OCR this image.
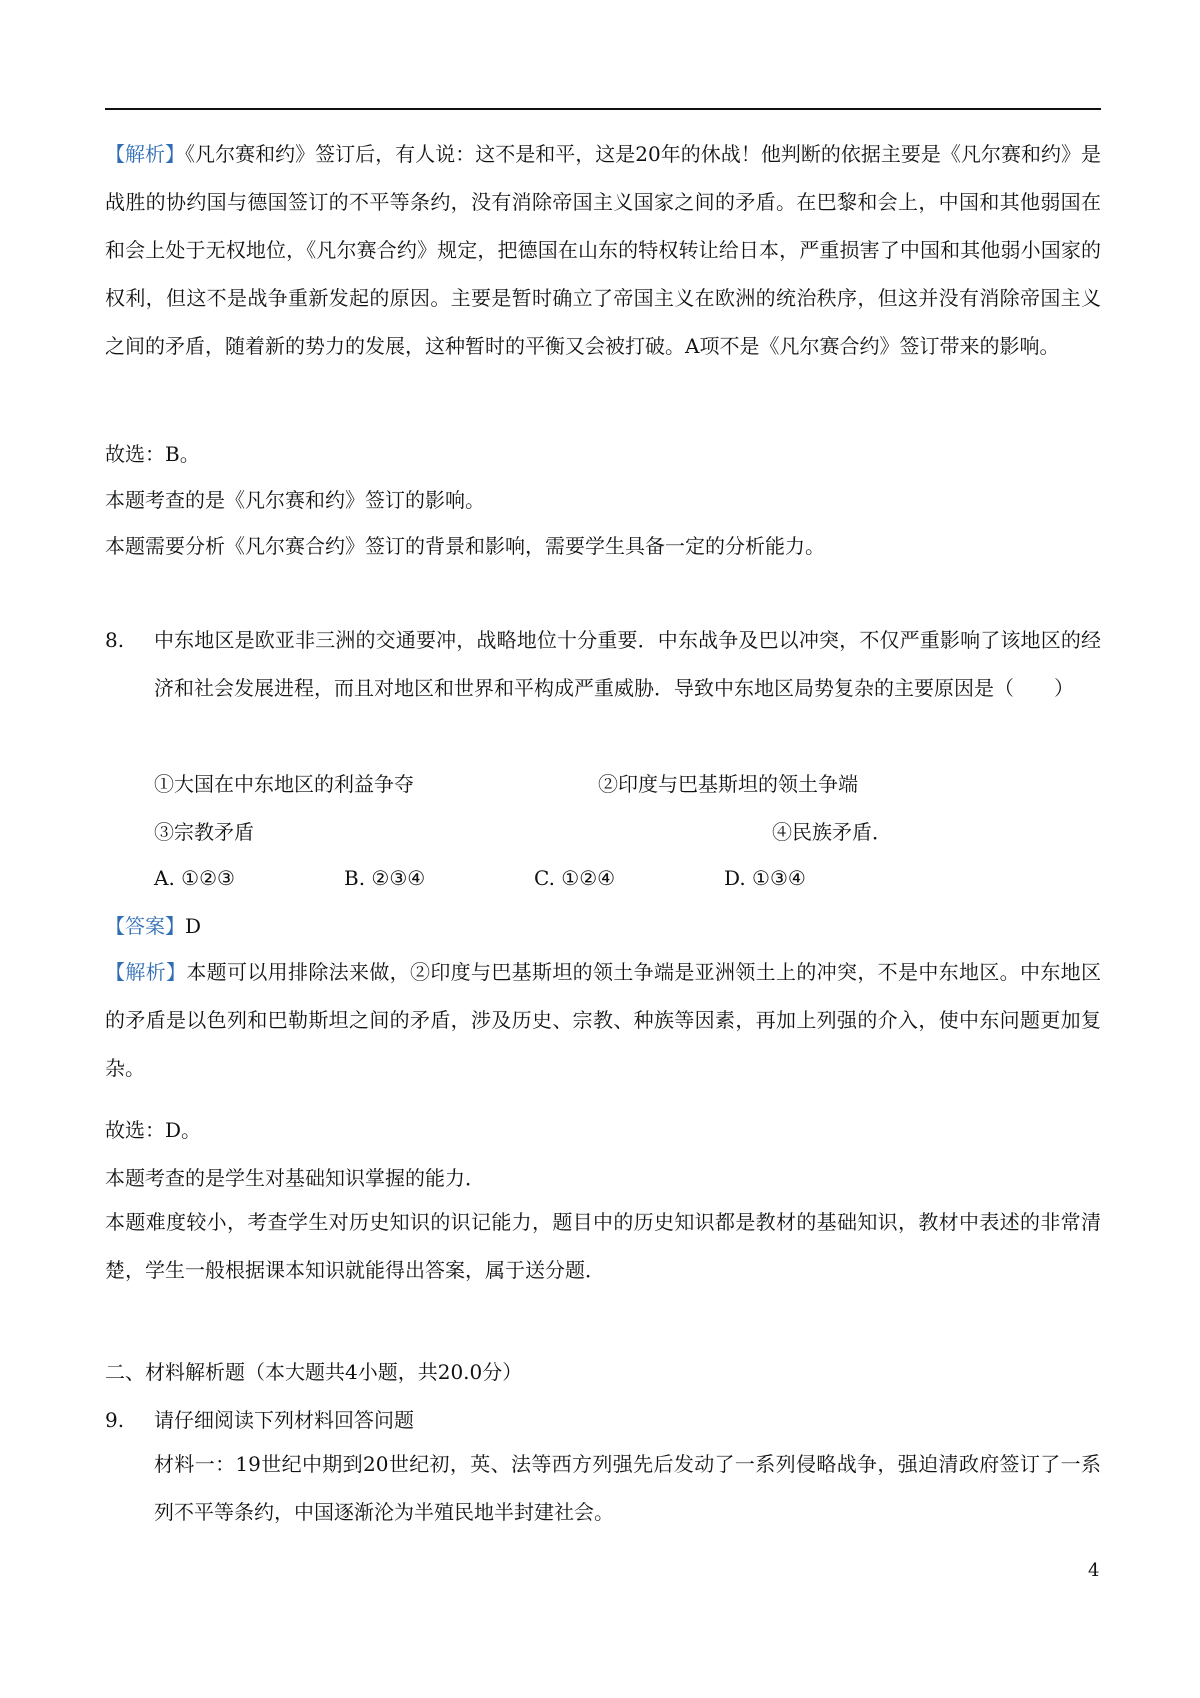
【解析】《凡尔赛和约》签订后，有人说：这不是和平，这是20年的休战！他判断的依据主要是《凡尔赛和约》是战胜的协约国与德国签订的不平等条约，没有消除帝国主义国家之间的矛盾。在巴黎和会上，中国和其他弱国在和会上处于无权地位，《凡尔赛合约》规定，把德国在山东的特权转让给日本，严重损害了中国和其他弱小国家的权利，但这不是战争重新发起的原因。主要是暂时确立了帝国主义在欧洲的统治秩序，但这并没有消除帝国主义之间的矛盾，随着新的势力的发展，这种暂时的平衡又会被打破。A项不是《凡尔赛合约》签订带来的影响。

故选：B。

本题考查的是《凡尔赛和约》签订的影响。

本题需要分析《凡尔赛合约》签订的背景和影响，需要学生具备一定的分析能力。

8. 中东地区是欧亚非三洲的交通要冲，战略地位十分重要．中东战争及巴以冲突，不仅严重影响了该地区的经济和社会发展进程，而且对地区和世界和平构成严重威胁．导致中东地区局势复杂的主要原因是（　　）

①大国在中东地区的利益争夺	②印度与巴基斯坦的领土争端

③宗教矛盾	④民族矛盾．

A. ①②③	B. ②③④	C. ①②④	D. ①③④

【答案】D

【解析】本题可以用排除法来做，②印度与巴基斯坦的领土争端是亚洲领土上的冲突，不是中东地区。中东地区的矛盾是以色列和巴勒斯坦之间的矛盾，涉及历史、宗教、种族等因素，再加上列强的介入，使中东问题更加复杂。

故选：D。

本题考查的是学生对基础知识掌握的能力．

本题难度较小，考查学生对历史知识的识记能力，题目中的历史知识都是教材的基础知识，教材中表述的非常清楚，学生一般根据课本知识就能得出答案，属于送分题．

二、材料解析题（本大题共4小题，共20.0分）

9. 请仔细阅读下列材料回答问题

材料一：19世纪中期到20世纪初，英、法等西方列强先后发动了一系列侵略战争，强迫清政府签订了一系列不平等条约，中国逐渐沦为半殖民地半封建社会。

4
